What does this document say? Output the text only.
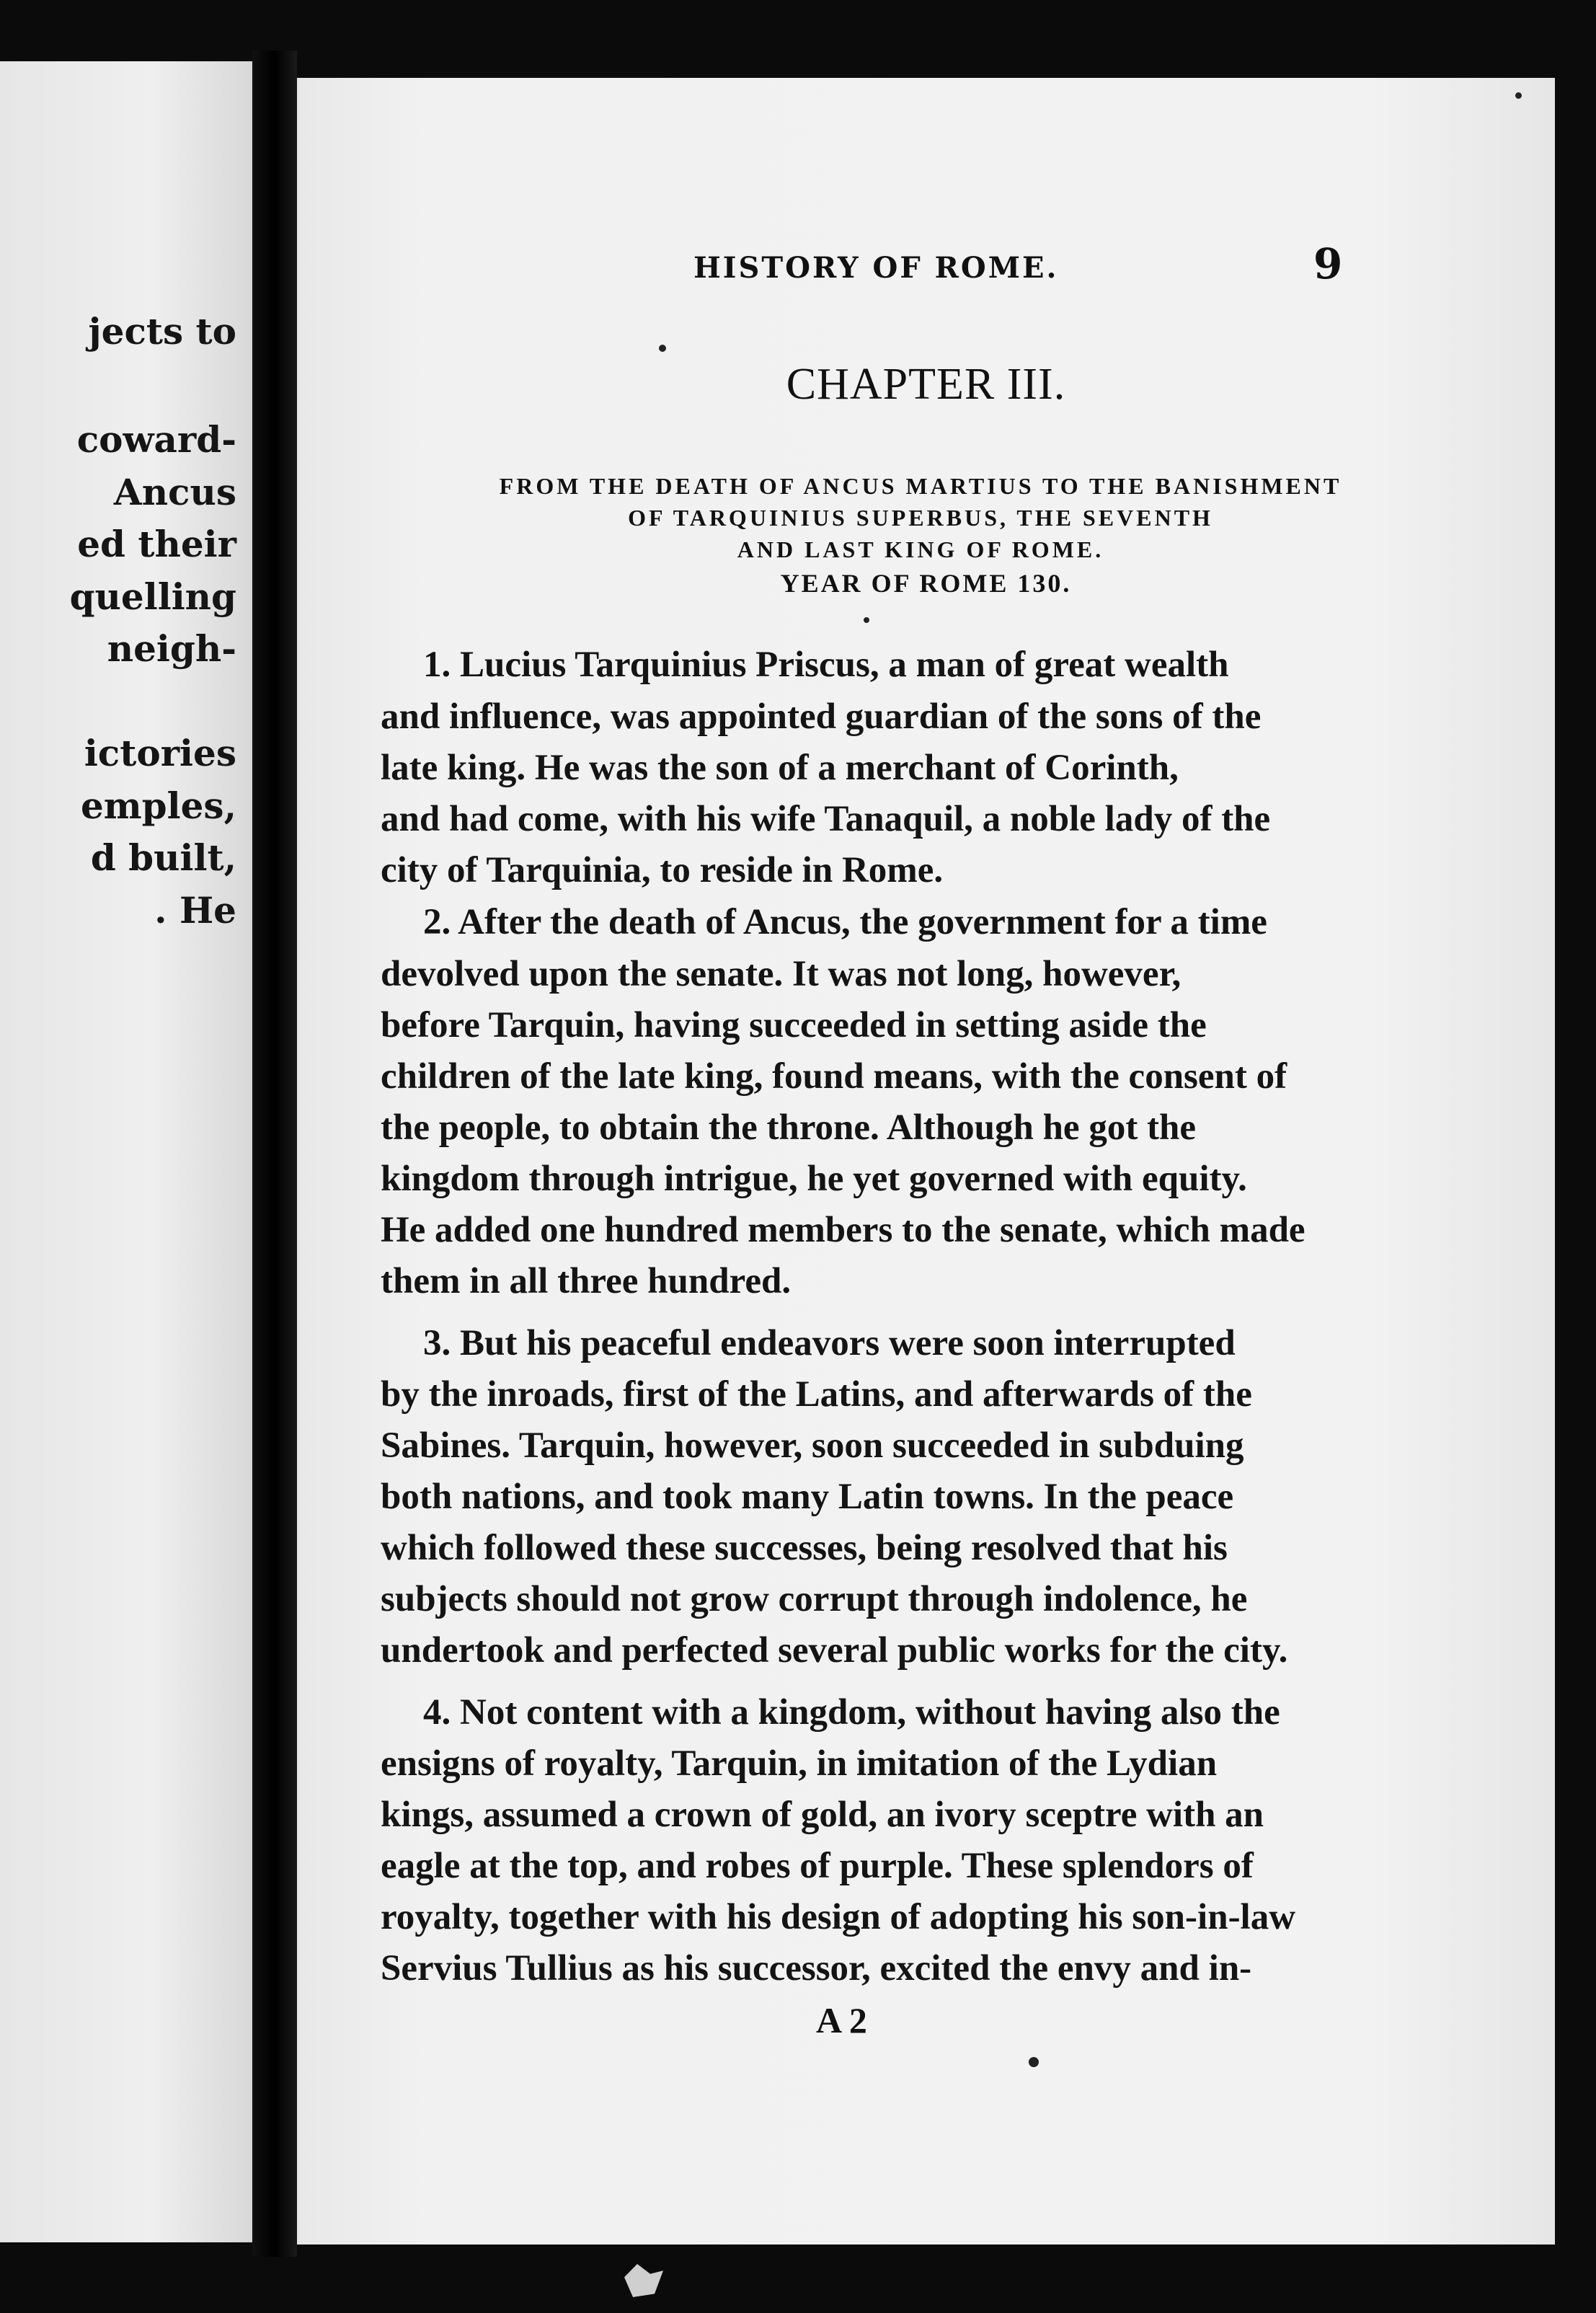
jects to
coward-
Ancus
ed their
quelling
neigh-
ictories
emples,
d built,
. He
HISTORY OF ROME.	9
CHAPTER III.
FROM THE DEATH OF ANCUS MARTIUS TO THE BANISHMENT
OF TARQUINIUS SUPERBUS, THE SEVENTH
AND LAST KING OF ROME.
YEAR OF ROME 130.
1. Lucius Tarquinius Priscus, a man of great wealth
and influence, was appointed guardian of the sons of the
late king. He was the son of a merchant of Corinth,
and had come, with his wife Tanaquil, a noble lady of the
city of Tarquinia, to reside in Rome.
2. After the death of Ancus, the government for a time
devolved upon the senate. It was not long, however,
before Tarquin, having succeeded in setting aside the
children of the late king, found means, with the consent of
the people, to obtain the throne. Although he got the
kingdom through intrigue, he yet governed with equity.
He added one hundred members to the senate, which made
them in all three hundred.
3. But his peaceful endeavors were soon interrupted
by the inroads, first of the Latins, and afterwards of the
Sabines. Tarquin, however, soon succeeded in subduing
both nations, and took many Latin towns. In the peace
which followed these successes, being resolved that his
subjects should not grow corrupt through indolence, he
undertook and perfected several public works for the city.
4. Not content with a kingdom, without having also the
ensigns of royalty, Tarquin, in imitation of the Lydian
kings, assumed a crown of gold, an ivory sceptre with an
eagle at the top, and robes of purple. These splendors of
royalty, together with his design of adopting his son-in-law
Servius Tullius as his successor, excited the envy and in-
A 2
